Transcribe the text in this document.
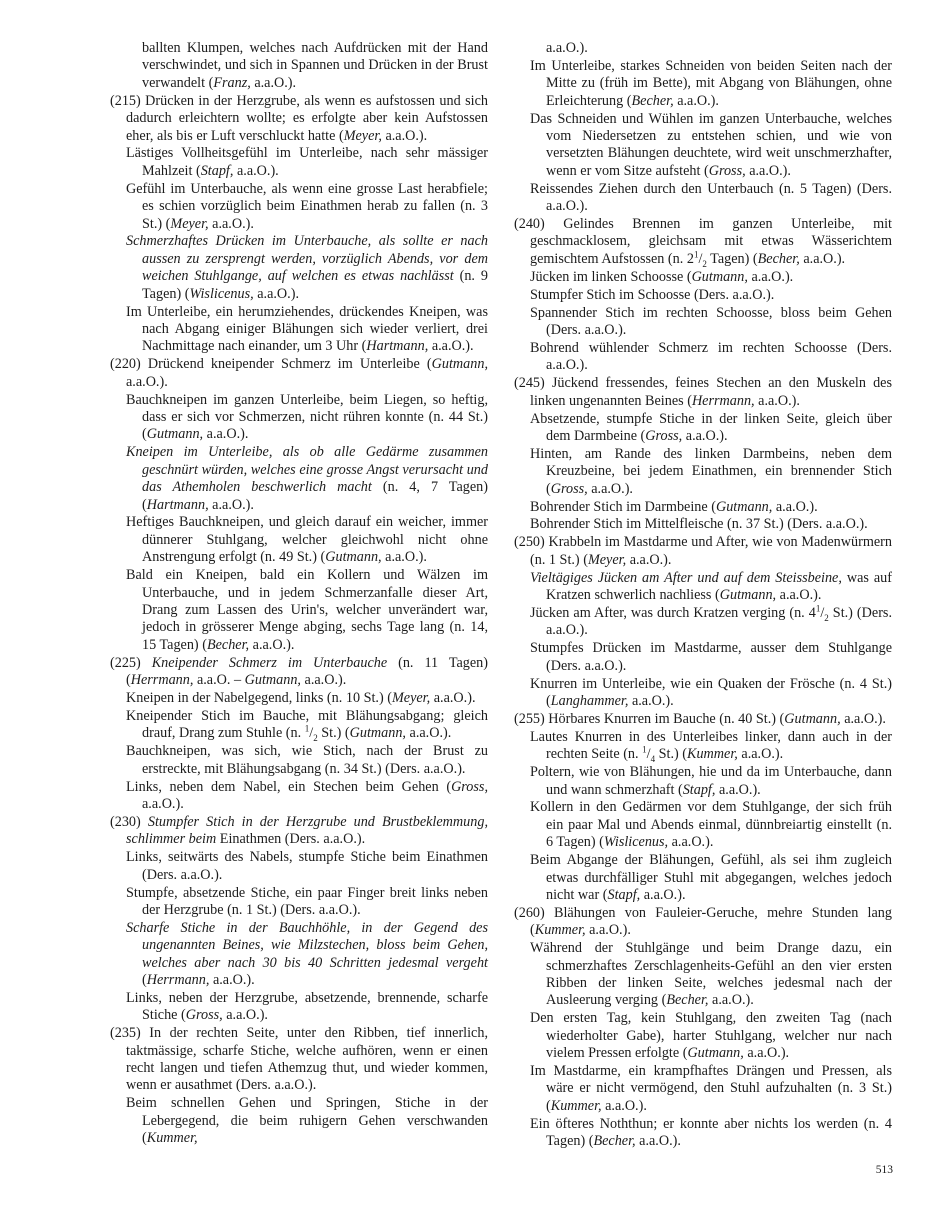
ballten Klumpen, welches nach Aufdrücken mit der Hand verschwindet, und sich in Spannen und Drücken in der Brust verwandelt (Franz, a.a.O.).
(215) Drücken in der Herzgrube, als wenn es aufstossen und sich dadurch erleichtern wollte; es erfolgte aber kein Aufstossen eher, als bis er Luft verschluckt hatte (Meyer, a.a.O.).
Lästiges Vollheitsgefühl im Unterleibe, nach sehr mässiger Mahlzeit (Stapf, a.a.O.).
Gefühl im Unterbauche, als wenn eine grosse Last herabfiele; es schien vorzüglich beim Einathmen herab zu fallen (n. 3 St.) (Meyer, a.a.O.).
Schmerzhaftes Drücken im Unterbauche, als sollte er nach aussen zu zersprengt werden, vorzüglich Abends, vor dem weichen Stuhlgange, auf welchen es etwas nachlässt (n. 9 Tagen) (Wislicenus, a.a.O.).
Im Unterleibe, ein herumziehendes, drückendes Kneipen, was nach Abgang einiger Blähungen sich wieder verliert, drei Nachmittage nach einander, um 3 Uhr (Hartmann, a.a.O.).
(220) Drückend kneipender Schmerz im Unterleibe (Gutmann, a.a.O.).
Bauchkneipen im ganzen Unterleibe, beim Liegen, so heftig, dass er sich vor Schmerzen, nicht rühren konnte (n. 44 St.) (Gutmann, a.a.O.).
Kneipen im Unterleibe, als ob alle Gedärme zusammen geschnürt würden, welches eine grosse Angst verursacht und das Athemholen beschwerlich macht (n. 4, 7 Tagen) (Hartmann, a.a.O.).
Heftiges Bauchkneipen, und gleich darauf ein weicher, immer dünnerer Stuhlgang, welcher gleichwohl nicht ohne Anstrengung erfolgt (n. 49 St.) (Gutmann, a.a.O.).
Bald ein Kneipen, bald ein Kollern und Wälzen im Unterbauche, und in jedem Schmerzanfalle dieser Art, Drang zum Lassen des Urin's, welcher unverändert war, jedoch in grösserer Menge abging, sechs Tage lang (n. 14, 15 Tagen) (Becher, a.a.O.).
(225) Kneipender Schmerz im Unterbauche (n. 11 Tagen) (Herrmann, a.a.O. – Gutmann, a.a.O.).
Kneipen in der Nabelgegend, links (n. 10 St.) (Meyer, a.a.O.).
Kneipender Stich im Bauche, mit Blähungsabgang; gleich drauf, Drang zum Stuhle (n. $^1/_2$ St.) (Gutmann, a.a.O.).
Bauchkneipen, was sich, wie Stich, nach der Brust zu erstreckte, mit Blähungsabgang (n. 34 St.) (Ders. a.a.O.).
Links, neben dem Nabel, ein Stechen beim Gehen (Gross, a.a.O.).
(230) Stumpfer Stich in der Herzgrube und Brustbeklemmung, schlimmer beim Einathmen (Ders. a.a.O.).
Links, seitwärts des Nabels, stumpfe Stiche beim Einathmen (Ders. a.a.O.).
Stumpfe, absetzende Stiche, ein paar Finger breit links neben der Herzgrube (n. 1 St.) (Ders. a.a.O.).
Scharfe Stiche in der Bauchhöhle, in der Gegend des ungenannten Beines, wie Milzstechen, bloss beim Gehen, welches aber nach 30 bis 40 Schritten jedesmal vergeht (Herrmann, a.a.O.).
Links, neben der Herzgrube, absetzende, brennende, scharfe Stiche (Gross, a.a.O.).
(235) In der rechten Seite, unter den Ribben, tief innerlich, taktmässige, scharfe Stiche, welche aufhören, wenn er einen recht langen und tiefen Athemzug thut, und wieder kommen, wenn er ausathmet (Ders. a.a.O.).
Beim schnellen Gehen und Springen, Stiche in der Lebergegend, die beim ruhigern Gehen verschwanden (Kummer,
a.a.O.).
Im Unterleibe, starkes Schneiden von beiden Seiten nach der Mitte zu (früh im Bette), mit Abgang von Blähungen, ohne Erleichterung (Becher, a.a.O.).
Das Schneiden und Wühlen im ganzen Unterbauche, welches vom Niedersetzen zu entstehen schien, und wie von versetzten Blähungen deuchtete, wird weit unschmerzhafter, wenn er vom Sitze aufsteht (Gross, a.a.O.).
Reissendes Ziehen durch den Unterbauch (n. 5 Tagen) (Ders. a.a.O.).
(240) Gelindes Brennen im ganzen Unterleibe, mit geschmacklosem, gleichsam mit etwas Wässerichtem gemischtem Aufstossen (n. $2^1/_2$ Tagen) (Becher, a.a.O.).
Jücken im linken Schoosse (Gutmann, a.a.O.).
Stumpfer Stich im Schoosse (Ders. a.a.O.).
Spannender Stich im rechten Schoosse, bloss beim Gehen (Ders. a.a.O.).
Bohrend wühlender Schmerz im rechten Schoosse (Ders. a.a.O.).
(245) Jückend fressendes, feines Stechen an den Muskeln des linken ungenannten Beines (Herrmann, a.a.O.).
Absetzende, stumpfe Stiche in der linken Seite, gleich über dem Darmbeine (Gross, a.a.O.).
Hinten, am Rande des linken Darmbeins, neben dem Kreuzbeine, bei jedem Einathmen, ein brennender Stich (Gross, a.a.O.).
Bohrender Stich im Darmbeine (Gutmann, a.a.O.).
Bohrender Stich im Mittelfleische (n. 37 St.) (Ders. a.a.O.).
(250) Krabbeln im Mastdarme und After, wie von Madenwürmern (n. 1 St.) (Meyer, a.a.O.).
Vieltägiges Jücken am After und auf dem Steissbeine, was auf Kratzen schwerlich nachliess (Gutmann, a.a.O.).
Jücken am After, was durch Kratzen verging (n. $4^1/_2$ St.) (Ders. a.a.O.).
Stumpfes Drücken im Mastdarme, ausser dem Stuhlgange (Ders. a.a.O.).
Knurren im Unterleibe, wie ein Quaken der Frösche (n. 4 St.) (Langhammer, a.a.O.).
(255) Hörbares Knurren im Bauche (n. 40 St.) (Gutmann, a.a.O.).
Lautes Knurren in des Unterleibes linker, dann auch in der rechten Seite (n. $^1/_4$ St.) (Kummer, a.a.O.).
Poltern, wie von Blähungen, hie und da im Unterbauche, dann und wann schmerzhaft (Stapf, a.a.O.).
Kollern in den Gedärmen vor dem Stuhlgange, der sich früh ein paar Mal und Abends einmal, dünnbreiartig einstellt (n. 6 Tagen) (Wislicenus, a.a.O.).
Beim Abgange der Blähungen, Gefühl, als sei ihm zugleich etwas durchfälliger Stuhl mit abgegangen, welches jedoch nicht war (Stapf, a.a.O.).
(260) Blähungen von Fauleier-Geruche, mehre Stunden lang (Kummer, a.a.O.).
Während der Stuhlgänge und beim Drange dazu, ein schmerzhaftes Zerschlagenheits-Gefühl an den vier ersten Ribben der linken Seite, welches jedesmal nach der Ausleerung verging (Becher, a.a.O.).
Den ersten Tag, kein Stuhlgang, den zweiten Tag (nach wiederholter Gabe), harter Stuhlgang, welcher nur nach vielem Pressen erfolgte (Gutmann, a.a.O.).
Im Mastdarme, ein krampfhaftes Drängen und Pressen, als wäre er nicht vermögend, den Stuhl aufzuhalten (n. 3 St.) (Kummer, a.a.O.).
Ein öfteres Noththun; er konnte aber nichts los werden (n. 4 Tagen) (Becher, a.a.O.).
513
